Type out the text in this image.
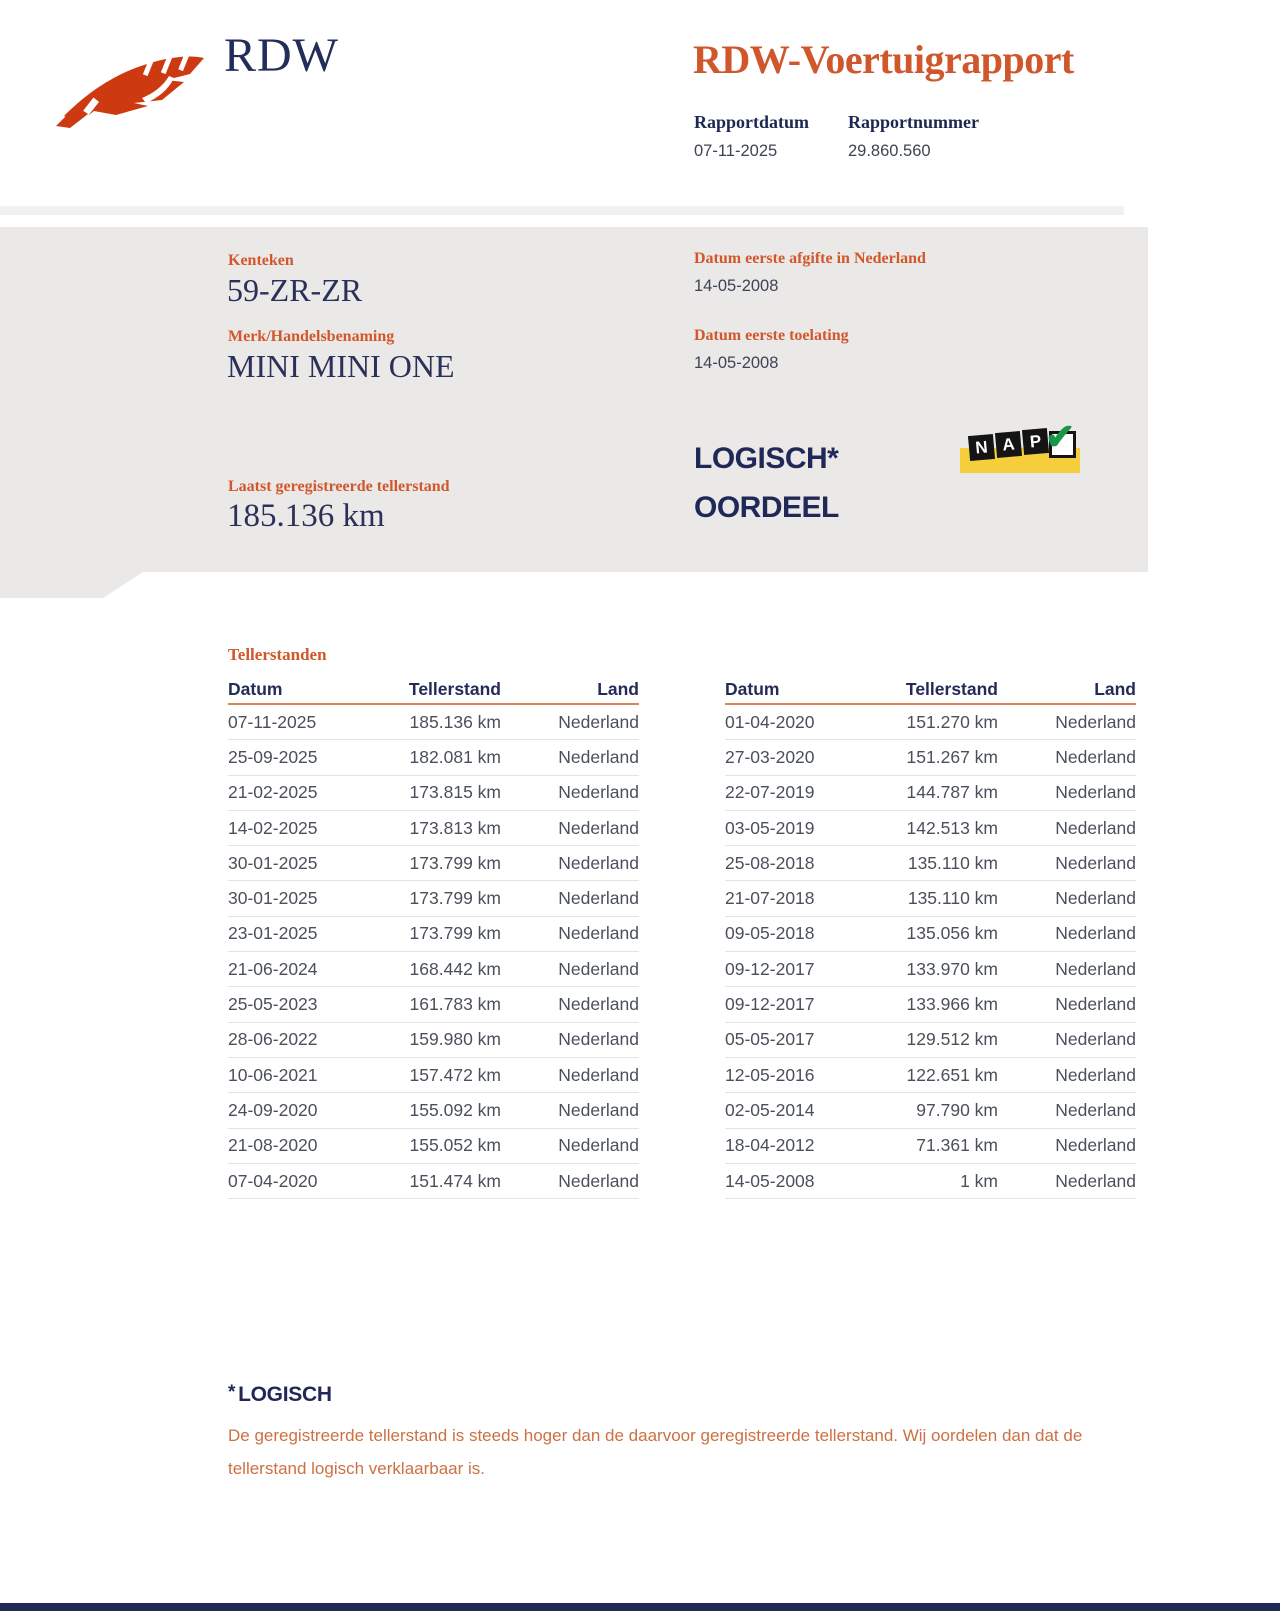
RDW	RDW-Voertuigrapport
Rapportdatum
07-11-2025
Rapportnummer
29.860.560
Kenteken
59-ZR-ZR
Merk/Handelsbenaming
MINI MINI ONE
Datum eerste afgifte in Nederland
14-05-2008
Datum eerste toelating
14-05-2008
LOGISCH*
OORDEEL
N A P ✔
Laatst geregistreerde tellerstand
185.136 km
Tellerstanden
Datum	Tellerstand	Land
07-11-2025	185.136 km	Nederland
25-09-2025	182.081 km	Nederland
21-02-2025	173.815 km	Nederland
14-02-2025	173.813 km	Nederland
30-01-2025	173.799 km	Nederland
30-01-2025	173.799 km	Nederland
23-01-2025	173.799 km	Nederland
21-06-2024	168.442 km	Nederland
25-05-2023	161.783 km	Nederland
28-06-2022	159.980 km	Nederland
10-06-2021	157.472 km	Nederland
24-09-2020	155.092 km	Nederland
21-08-2020	155.052 km	Nederland
07-04-2020	151.474 km	Nederland
Datum	Tellerstand	Land
01-04-2020	151.270 km	Nederland
27-03-2020	151.267 km	Nederland
22-07-2019	144.787 km	Nederland
03-05-2019	142.513 km	Nederland
25-08-2018	135.110 km	Nederland
21-07-2018	135.110 km	Nederland
09-05-2018	135.056 km	Nederland
09-12-2017	133.970 km	Nederland
09-12-2017	133.966 km	Nederland
05-05-2017	129.512 km	Nederland
12-05-2016	122.651 km	Nederland
02-05-2014	97.790 km	Nederland
18-04-2012	71.361 km	Nederland
14-05-2008	1 km	Nederland
* LOGISCH
De geregistreerde tellerstand is steeds hoger dan de daarvoor geregistreerde tellerstand. Wij oordelen dan dat de tellerstand logisch verklaarbaar is.
